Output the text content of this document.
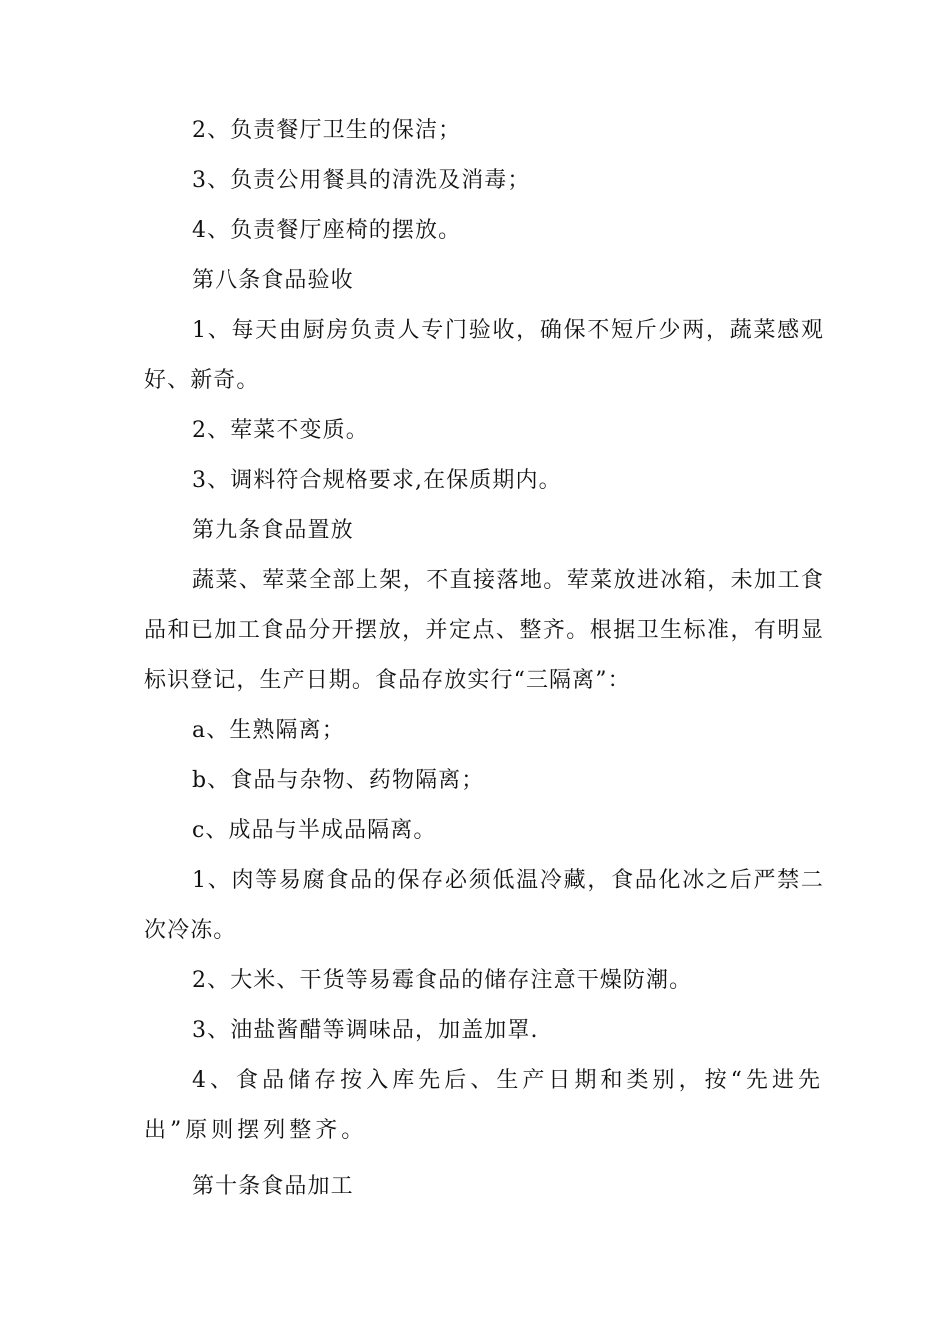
2、负责餐厅卫生的保洁；

3、负责公用餐具的清洗及消毒；

4、负责餐厅座椅的摆放。

第八条食品验收

1、每天由厨房负责人专门验收，确保不短斤少两，蔬菜感观好、新奇。

2、荤菜不变质。

3、调料符合规格要求,在保质期内。

第九条食品置放

蔬菜、荤菜全部上架，不直接落地。荤菜放进冰箱，未加工食品和已加工食品分开摆放，并定点、整齐。根据卫生标准，有明显标识登记，生产日期。食品存放实行“三隔离”：

a、生熟隔离；

b、食品与杂物、药物隔离；

c、成品与半成品隔离。

1、肉等易腐食品的保存必须低温冷藏，食品化冰之后严禁二次冷冻。

2、大米、干货等易霉食品的储存注意干燥防潮。

3、油盐酱醋等调味品，加盖加罩.

4、食品储存按入库先后、生产日期和类别，按“先进先出”原则摆列整齐。

第十条食品加工
